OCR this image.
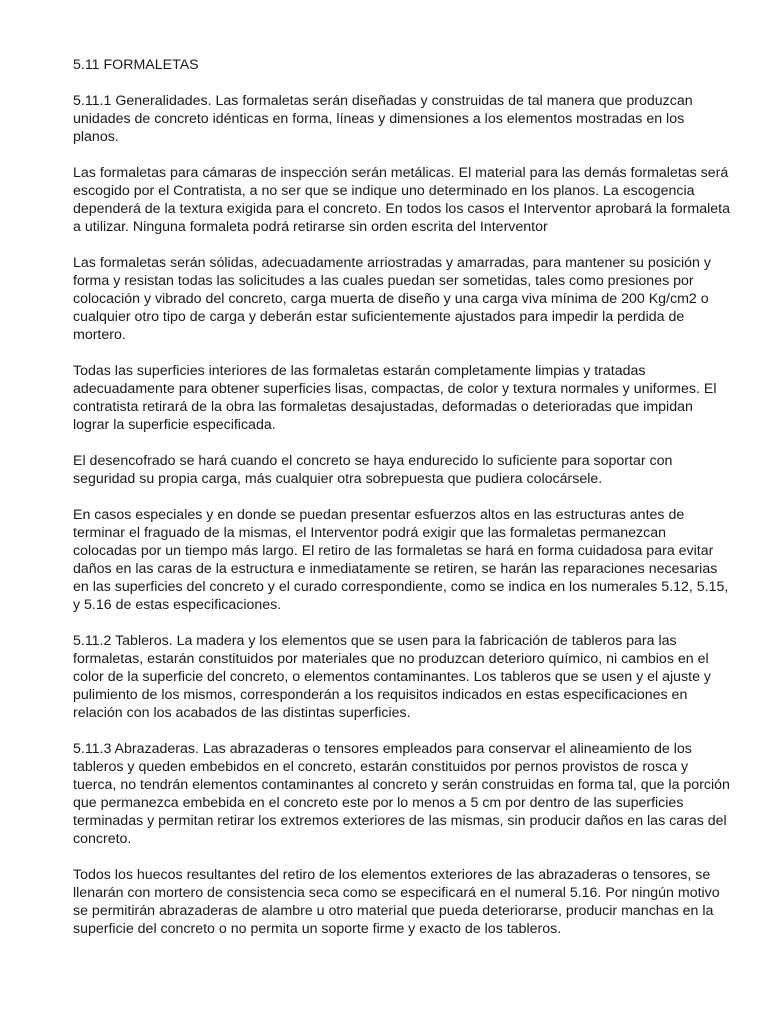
5.11 FORMALETAS

5.11.1 Generalidades. Las formaletas serán diseñadas y construidas de tal manera que produzcan unidades de concreto idénticas en forma, líneas y dimensiones a los elementos mostradas en los planos.

Las formaletas para cámaras de inspección serán metálicas. El material para las demás formaletas será escogido por el Contratista, a no ser que se indique uno determinado en los planos. La escogencia dependerá de la textura exigida para el concreto. En todos los casos el Interventor aprobará la formaleta a utilizar. Ninguna formaleta podrá retirarse sin orden escrita del Interventor

Las formaletas serán sólidas, adecuadamente arriostradas y amarradas, para mantener su posición y forma y resistan todas las solicitudes a las cuales puedan ser sometidas, tales como presiones por colocación y vibrado del concreto, carga muerta de diseño y una carga viva mínima de 200 Kg/cm2 o cualquier otro tipo de carga y deberán estar suficientemente ajustados para impedir la perdida de mortero.

Todas las superficies interiores de las formaletas estarán completamente limpias y tratadas adecuadamente para obtener superficies lisas, compactas, de color y textura normales y uniformes. El contratista retirará de la obra las formaletas desajustadas, deformadas o deterioradas que impidan lograr la superficie especificada.

El desencofrado se hará cuando el concreto se haya endurecido lo suficiente para soportar con seguridad su propia carga, más cualquier otra sobrepuesta que pudiera colocársele.

En casos especiales y en donde se puedan presentar esfuerzos altos en las estructuras antes de terminar el fraguado de la mismas, el Interventor podrá exigir que las formaletas permanezcan colocadas por un tiempo más largo. El retiro de las formaletas se hará en forma cuidadosa para evitar daños en las caras de la estructura e inmediatamente se retiren, se harán las reparaciones necesarias en las superficies del concreto y el curado correspondiente, como se indica en los numerales 5.12, 5.15, y 5.16 de estas especificaciones.

5.11.2 Tableros. La madera y los elementos que se usen para la fabricación de tableros para las formaletas, estarán constituidos por materiales que no produzcan deterioro químico, ni cambios en el color de la superficie del concreto, o elementos contaminantes. Los tableros que se usen y el ajuste y pulimiento de los mismos, corresponderán a los requisitos indicados en estas especificaciones en relación con los acabados de las distintas superficies.

5.11.3 Abrazaderas. Las abrazaderas o tensores empleados para conservar el alineamiento de los tableros y queden embebidos en el concreto, estarán constituidos por pernos provistos de rosca y tuerca, no tendrán elementos contaminantes al concreto y serán construidas en forma tal, que la porción que permanezca embebida en el concreto este por lo menos a 5 cm por dentro de las superficies terminadas y permitan retirar los extremos exteriores de las mismas, sin producir daños en las caras del concreto.

Todos los huecos resultantes del retiro de los elementos exteriores de las abrazaderas o tensores, se llenarán con mortero de consistencia seca como se especificará en el numeral 5.16. Por ningún motivo se permitirán abrazaderas de alambre u otro material que pueda deteriorarse, producir manchas en la superficie del concreto o no permita un soporte firme y exacto de los tableros.
